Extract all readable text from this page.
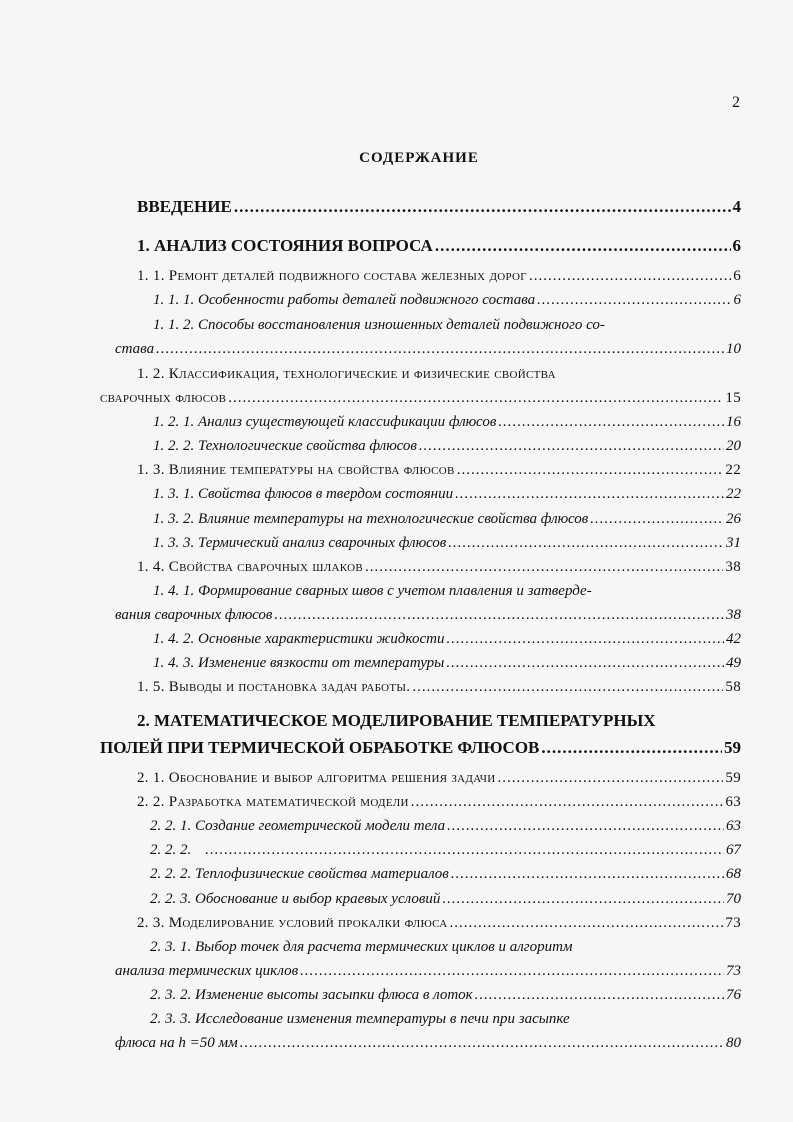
2
СОДЕРЖАНИЕ
ВВЕДЕНИЕ .....	4
1. АНАЛИЗ СОСТОЯНИЯ ВОПРОСА .....	6
1. 1. Ремонт деталей подвижного состава железных дорог .....	6
1. 1. 1. Особенности работы деталей подвижного состава .....	6
1. 1. 2. Способы восстановления изношенных деталей подвижного со-
става .....	10
1. 2. Классификация, технологические и физические свойства
сварочных флюсов .....	15
1. 2. 1. Анализ существующей классификации флюсов .....	16
1. 2. 2. Технологические свойства флюсов .....	20
1. 3. Влияние температуры на свойства флюсов .....	22
1. 3. 1. Свойства флюсов в твердом состоянии .....	22
1. 3. 2. Влияние температуры на технологические свойства флюсов .....	26
1. 3. 3. Термический анализ сварочных флюсов .....	31
1. 4. Свойства сварочных шлаков .....	38
1. 4. 1. Формирование сварных швов с учетом плавления и затверде-
вания сварочных флюсов .....	38
1. 4. 2. Основные характеристики жидкости .....	42
1. 4. 3. Изменение вязкости от температуры .....	49
1. 5. Выводы и постановка задач работы. .....	58
2. МАТЕМАТИЧЕСКОЕ МОДЕЛИРОВАНИЕ ТЕМПЕРАТУРНЫХ
ПОЛЕЙ ПРИ ТЕРМИЧЕСКОЙ ОБРАБОТКЕ ФЛЮСОВ .....	59
2. 1. Обоснование и выбор алгоритма решения задачи .....	59
2. 2. Разработка математической модели .....	63
2. 2. 1. Создание геометрической модели тела .....	63
2. 2. 2. .....	67
2. 2. 2. Теплофизические свойства материалов .....	68
2. 2. 3. Обоснование и выбор краевых условий .....	70
2. 3. Моделирование условий прокалки флюса .....	73
2. 3. 1. Выбор точек для расчета термических циклов и алгоритм
анализа термических циклов .....	73
2. 3. 2. Изменение высоты засыпки флюса в лоток .....	76
2. 3. 3. Исследование изменения температуры в печи при засыпке
флюса на h =50 мм .....	80
